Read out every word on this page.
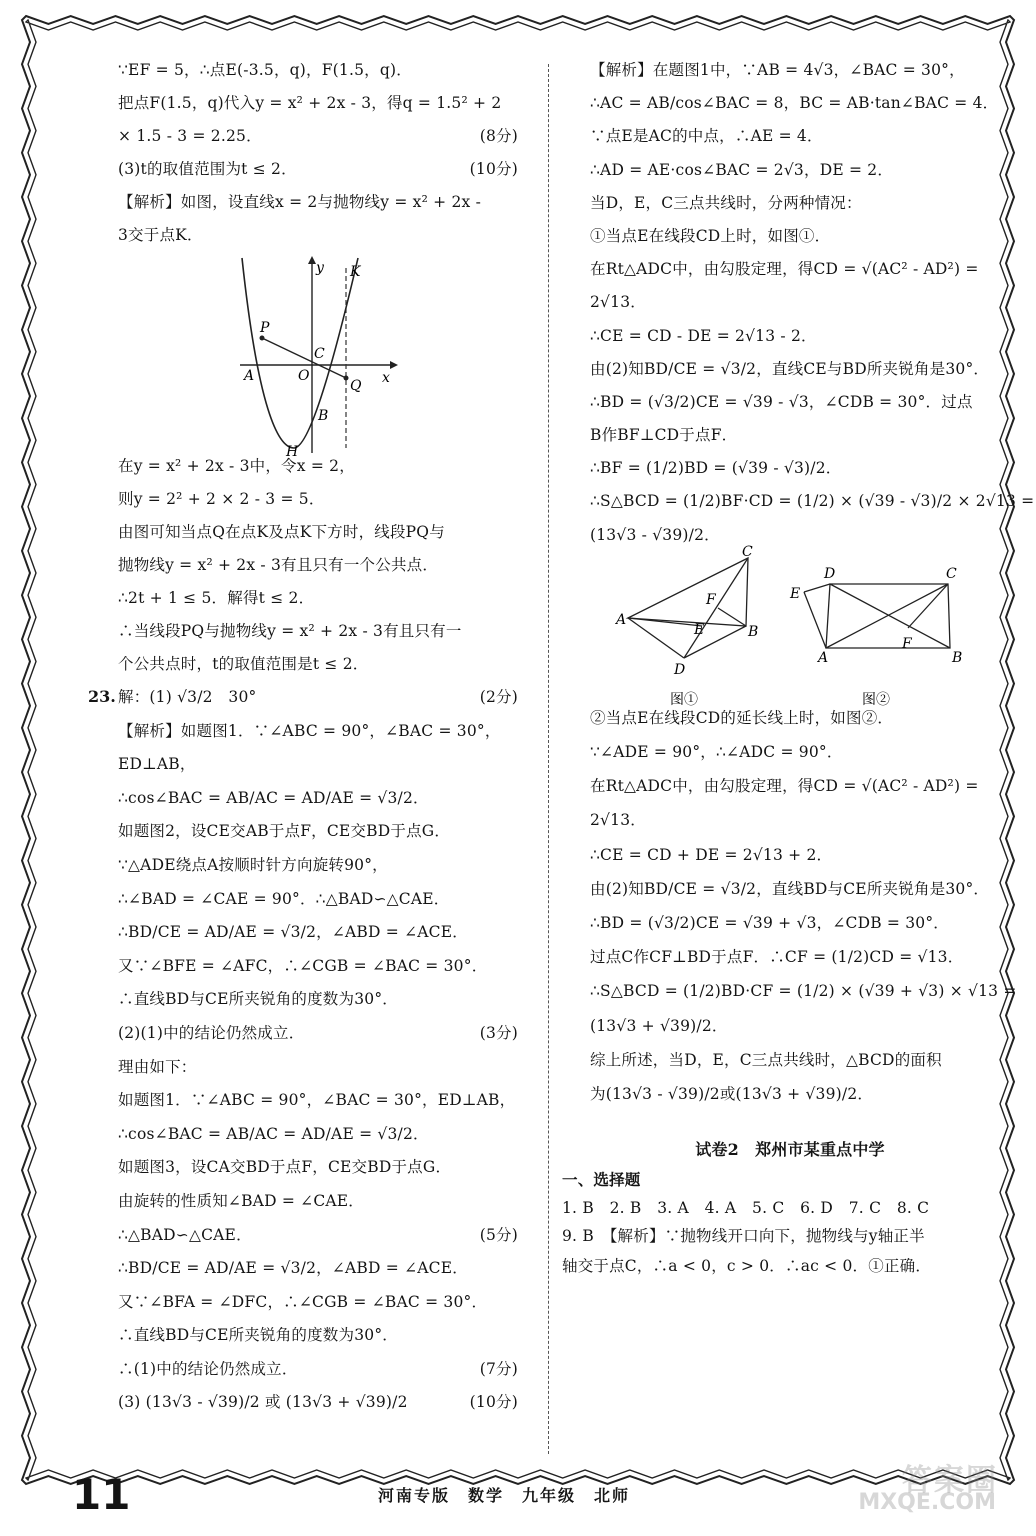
∵EF = 5，∴点E(-3.5，q)，F(1.5，q)．
把点F(1.5，q)代入y = x² + 2x - 3，得q = 1.5² + 2
× 1.5 - 3 = 2.25．	(8分)
(3)t的取值范围为t ≤ 2．	(10分)
【解析】如图，设直线x = 2与抛物线y = x² + 2x -
3交于点K．
y K
P
C
A	O
Q x
B
H
在y = x² + 2x - 3中，令x = 2，
则y = 2² + 2 × 2 - 3 = 5．
由图可知当点Q在点K及点K下方时，线段PQ与
抛物线y = x² + 2x - 3有且只有一个公共点．
∴2t + 1 ≤ 5．解得t ≤ 2．
∴当线段PQ与抛物线y = x² + 2x - 3有且只有一
个公共点时，t的取值范围是t ≤ 2．
23. 解：(1) √3/2　30°	(2分)
【解析】如题图1．∵∠ABC = 90°，∠BAC = 30°，
ED⊥AB，
∴cos∠BAC = AB/AC = AD/AE = √3/2．
如题图2，设CE交AB于点F，CE交BD于点G．
∵△ADE绕点A按顺时针方向旋转90°，
∴∠BAD = ∠CAE = 90°．∴△BAD∽△CAE．
∴BD/CE = AD/AE = √3/2，∠ABD = ∠ACE．
又∵∠BFE = ∠AFC，∴∠CGB = ∠BAC = 30°．
∴直线BD与CE所夹锐角的度数为30°．
(2)(1)中的结论仍然成立．	(3分)
理由如下：
如题图1．∵∠ABC = 90°，∠BAC = 30°，ED⊥AB，
∴cos∠BAC = AB/AC = AD/AE = √3/2．
如题图3，设CA交BD于点F，CE交BD于点G．
由旋转的性质知∠BAD = ∠CAE．
∴△BAD∽△CAE．	(5分)
∴BD/CE = AD/AE = √3/2，∠ABD = ∠ACE．
又∵∠BFA = ∠DFC，∴∠CGB = ∠BAC = 30°．
∴直线BD与CE所夹锐角的度数为30°．
∴(1)中的结论仍然成立．	(7分)
(3) (13√3 - √39)/2 或 (13√3 + √39)/2	(10分)
【解析】在题图1中，∵AB = 4√3，∠BAC = 30°，
∴AC = AB/cos∠BAC = 8，BC = AB·tan∠BAC = 4．
∵点E是AC的中点，∴AE = 4．
∴AD = AE·cos∠BAC = 2√3，DE = 2．
当D，E，C三点共线时，分两种情况：
①当点E在线段CD上时，如图①．
在Rt△ADC中，由勾股定理，得CD = √(AC² - AD²) =
2√13．
∴CE = CD - DE = 2√13 - 2．
由(2)知BD/CE = √3/2，直线CE与BD所夹锐角是30°．
∴BD = (√3/2)CE = √39 - √3，∠CDB = 30°．过点
B作BF⊥CD于点F．
∴BF = (1/2)BD = (√39 - √3)/2．
∴S△BCD = (1/2)BF·CD = (1/2) × (√39 - √3)/2 × 2√13 =
(13√3 - √39)/2．
C
A
B
F
E
D
图①
D	C
E
A
F
B
图②
②当点E在线段CD的延长线上时，如图②．
∵∠ADE = 90°，∴∠ADC = 90°．
在Rt△ADC中，由勾股定理，得CD = √(AC² - AD²) =
2√13．
∴CE = CD + DE = 2√13 + 2．
由(2)知BD/CE = √3/2，直线BD与CE所夹锐角是30°．
∴BD = (√3/2)CE = √39 + √3，∠CDB = 30°．
过点C作CF⊥BD于点F．∴CF = (1/2)CD = √13．
∴S△BCD = (1/2)BD·CF = (1/2) × (√39 + √3) × √13 =
(13√3 + √39)/2．
综上所述，当D，E，C三点共线时，△BCD的面积
为(13√3 - √39)/2或(13√3 + √39)/2．
试卷2　郑州市某重点中学
一、选择题
1. B　2. B　3. A　4. A　5. C　6. D　7. C　8. C
9. B　【解析】∵抛物线开口向下，抛物线与y轴正半
轴交于点C，∴a < 0，c > 0．∴ac < 0．①正确．
11	河南专版　数学　九年级　北师	答案圈
MXQE.COM
